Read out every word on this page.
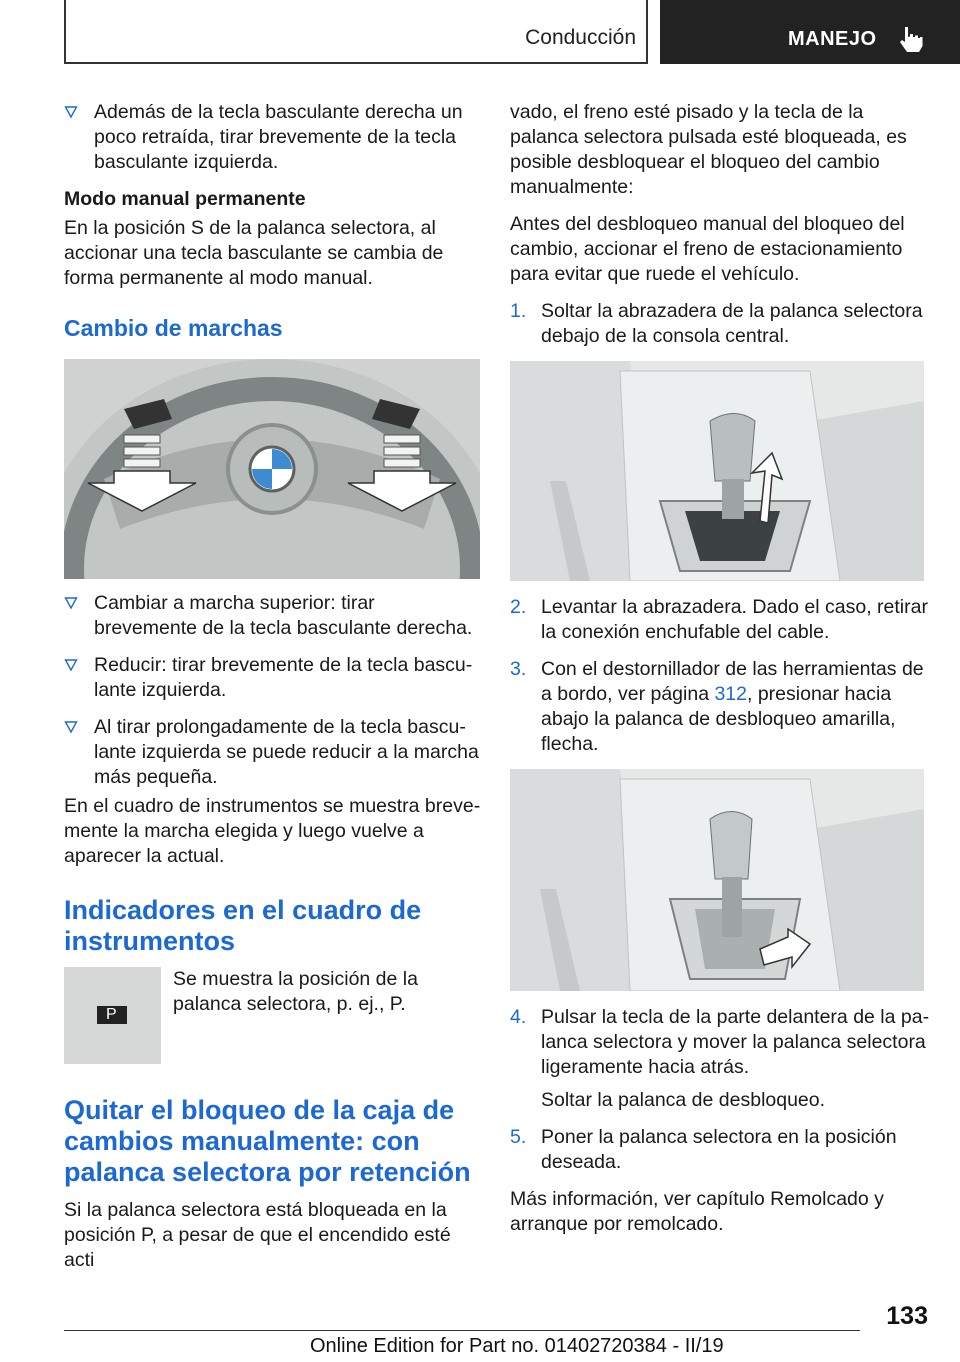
Conducción	MANEJO

Además de la tecla basculante derecha un poco retraída, tirar brevemente de la tecla basculante izquierda.

Modo manual permanente

En la posición S de la palanca selectora, al accionar una tecla basculante se cambia de forma permanente al modo manual.

Cambio de marchas

Cambiar a marcha superior: tirar brevemente de la tecla basculante derecha.

Reducir: tirar brevemente de la tecla basculante izquierda.

Al tirar prolongadamente de la tecla basculante izquierda se puede reducir a la marcha más pequeña.

En el cuadro de instrumentos se muestra brevemente la marcha elegida y luego vuelve a aparecer la actual.

Indicadores en el cuadro de instrumentos
P

Se muestra la posición de la palanca selectora, p. ej., P.

Quitar el bloqueo de la caja de cambios manualmente: con palanca selectora por retención

Si la palanca selectora está bloqueada en la posición P, a pesar de que el encendido esté acti

vado, el freno esté pisado y la tecla de la palanca selectora pulsada esté bloqueada, es posible desbloquear el bloqueo del cambio manualmente:

Antes del desbloqueo manual del bloqueo del cambio, accionar el freno de estacionamiento para evitar que ruede el vehículo.

1. Soltar la abrazadera de la palanca selectora debajo de la consola central.

2. Levantar la abrazadera. Dado el caso, retirar la conexión enchufable del cable.

3. Con el destornillador de las herramientas de a bordo, ver página 312, presionar hacia abajo la palanca de desbloqueo amarilla, flecha.

4. Pulsar la tecla de la parte delantera de la palanca selectora y mover la palanca selectora ligeramente hacia atrás.

Soltar la palanca de desbloqueo.

5. Poner la palanca selectora en la posición deseada.

Más información, ver capítulo Remolcado y arranque por remolcado.

133
Online Edition for Part no. 01402720384 - II/19
